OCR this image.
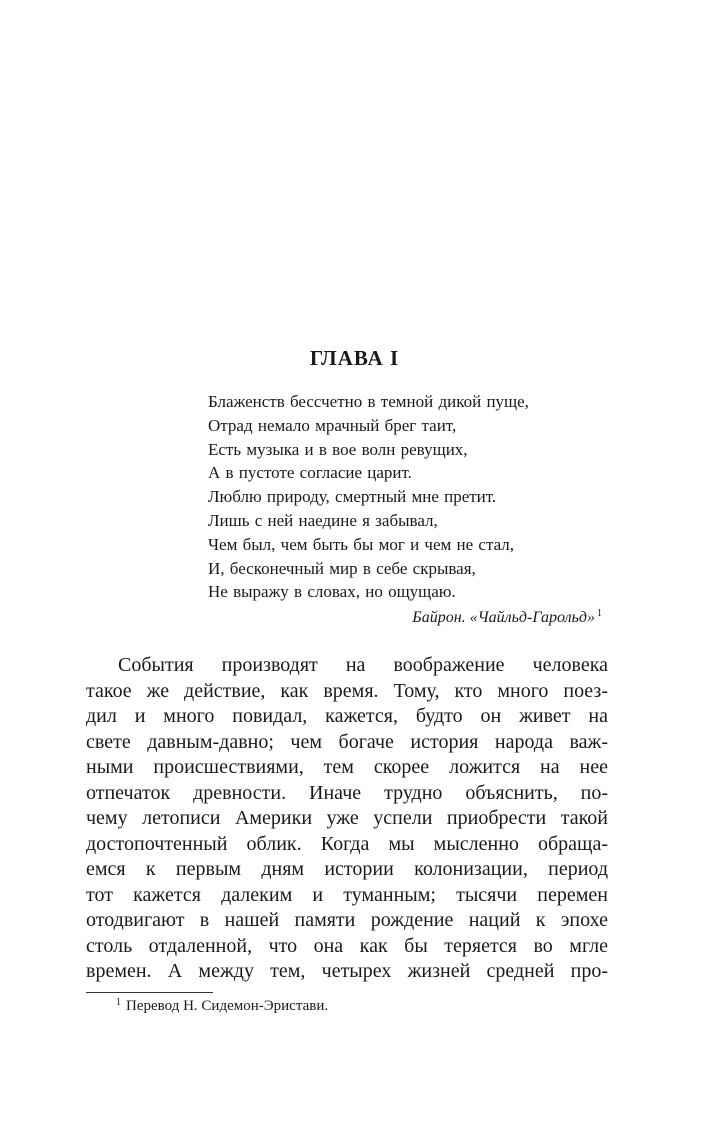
ГЛАВА I
Блаженств бессчетно в темной дикой пуще,
Отрад немало мрачный брег таит,
Есть музыка и в вое волн ревущих,
А в пустоте согласие царит.
Люблю природу, смертный мне претит.
Лишь с ней наедине я забывал,
Чем был, чем быть бы мог и чем не стал,
И, бесконечный мир в себе скрывая,
Не выражу в словах, но ощущаю.
Байрон. «Чайльд-Гарольд» $^1$
События производят на воображение человека
такое же действие, как время. Тому, кто много поез-
дил и много повидал, кажется, будто он живет на
свете давным-давно; чем богаче история народа важ-
ными происшествиями, тем скорее ложится на нее
отпечаток древности. Иначе трудно объяснить, по-
чему летописи Америки уже успели приобрести такой
достопочтенный облик. Когда мы мысленно обраща-
емся к первым дням истории колонизации, период
тот кажется далеким и туманным; тысячи перемен
отодвигают в нашей памяти рождение наций к эпохе
столь отдаленной, что она как бы теряется во мгле
времен. А между тем, четырех жизней средней про-
$^1$ Перевод Н. Сидемон-Эристави.
